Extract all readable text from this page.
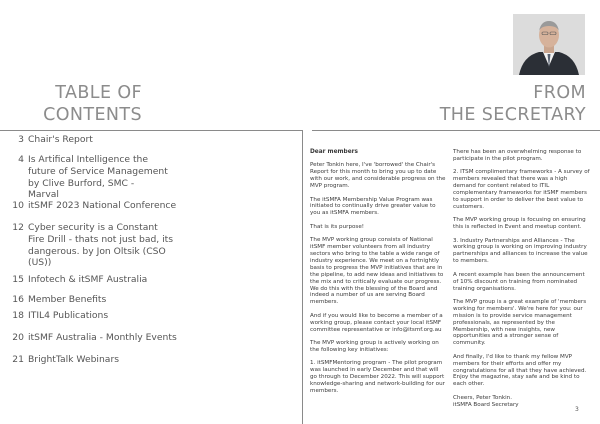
TABLE OF
CONTENTS
FROM
THE SECRETARY
3 Chair's Report
4 Is Artifical Intelligence the future of Service Management by Clive Burford, SMC - Marval
10 itSMF 2023 National Conference
12 Cyber security is a Constant Fire Drill - thats not just bad, its dangerous. by Jon Oltsik (CSO (US))
15 Infotech & itSMF Australia
16 Member Benefits
18 ITIL4 Publications
20 itSMF Australia - Monthly Events
21 BrightTalk Webinars

Dear members

Peter Tonkin here, I've 'borrowed' the Chair's Report for this month to bring you up to date with our work, and considerable progress on the MVP program.

The itSMFA Membership Value Program was initiated to continually drive greater value to you as itSMFA members.

That is its purpose!

The MVP working group consists of National itSMF member volunteers from all industry sectors who bring to the table a wide range of industry experience. We meet on a fortnightly basis to progress the MVP initiatives that are in the pipeline, to add new ideas and initiatives to the mix and to critically evaluate our progress. We do this with the blessing of the Board and indeed a number of us are serving Board members.

And if you would like to become a member of a working group, please contact your local itSMF committee representative or info@itsmf.org.au

The MVP working group is actively working on the following key initiatives:

1. itSMFMentoring program - The pilot program was launched in early December and that will go through to December 2022. This will support knowledge-sharing and network-building for our members.

There has been an overwhelming response to participate in the pilot program.

2. ITSM complimentary frameworks - A survey of members revealed that there was a high demand for content related to ITIL complementary frameworks for itSMF members to support in order to deliver the best value to customers.

The MVP working group is focusing on ensuring this is reflected in Event and meetup content.

3. Industry Partnerships and Alliances - The working group is working on improving industry partnerships and alliances to increase the value to members.

A recent example has been the announcement of 10% discount on training from nominated training organisations.

The MVP group is a great example of 'members working for members'. We're here for you: our mission is to provide service management professionals, as represented by the Membership, with new insights, new opportunities and a stronger sense of community.

And finally, I'd like to thank my fellow MVP members for their efforts and offer my congratulations for all that they have achieved. Enjoy the magazine, stay safe and be kind to each other.

Cheers, Peter Tonkin.

itSMFA Board Secretary

3
